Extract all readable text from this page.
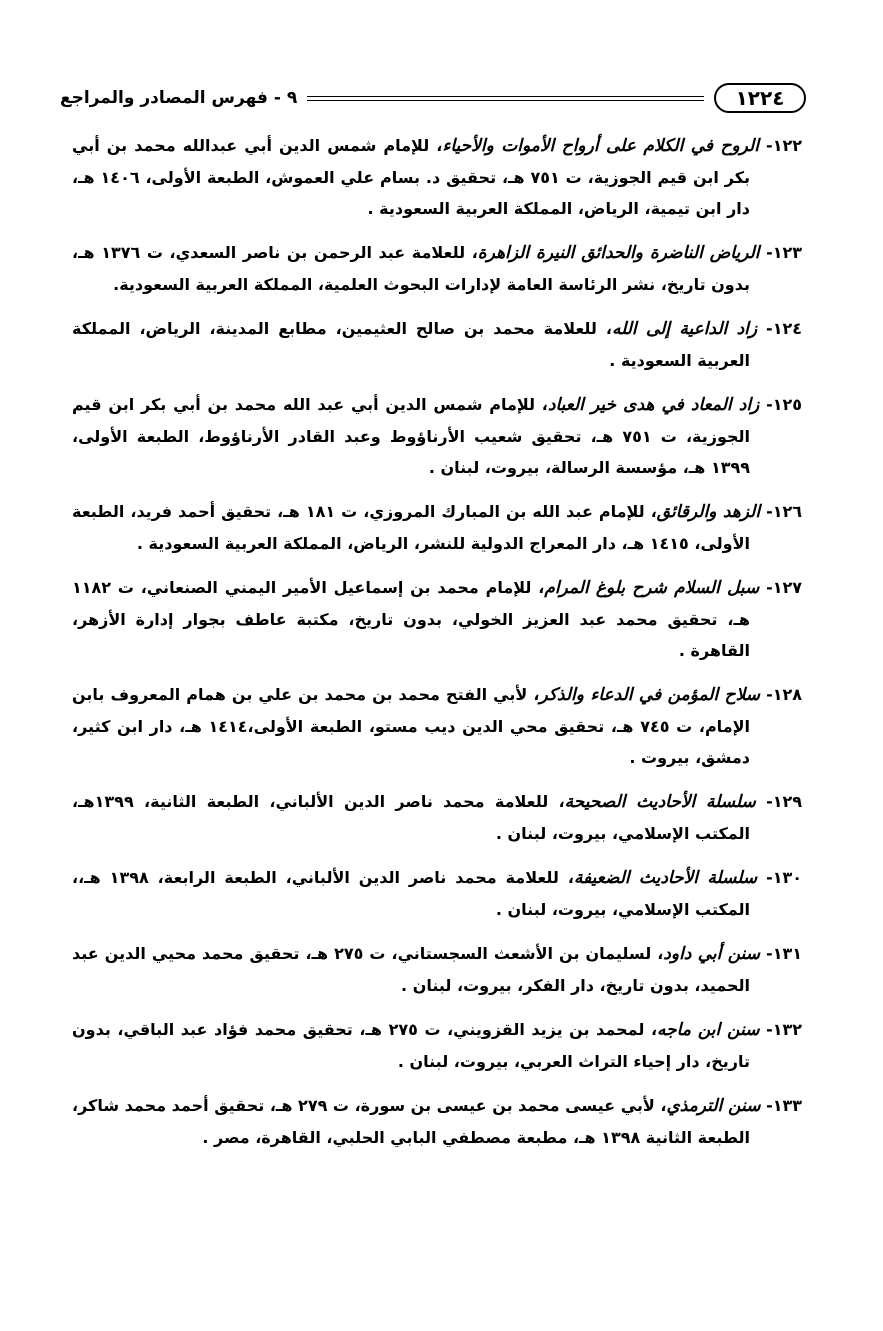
١٢٢٤
٩ - فهرس المصادر والمراجع

١٢٢- الروح في الكلام على أرواح الأموات والأحياء، للإمام شمس الدين أبي عبدالله محمد بن أبي بكر ابن قيم الجوزية، ت ٧٥١ هـ، تحقيق د. بسام علي العموش، الطبعة الأولى، ١٤٠٦ هـ، دار ابن تيمية، الرياض، المملكة العربية السعودية .

١٢٣- الرياض الناضرة والحدائق النيرة الزاهرة، للعلامة عبد الرحمن بن ناصر السعدي، ت ١٣٧٦ هـ، بدون تاريخ، نشر الرئاسة العامة لإدارات البحوث العلمية، المملكة العربية السعودية.

١٢٤- زاد الداعية إلى الله، للعلامة محمد بن صالح العثيمين، مطابع المدينة، الرياض، المملكة العربية السعودية .

١٢٥- زاد المعاد في هدى خير العباد، للإمام شمس الدين أبي عبد الله محمد بن أبي بكر ابن قيم الجوزية، ت ٧٥١ هـ، تحقيق شعيب الأرناؤوط وعبد القادر الأرناؤوط، الطبعة الأولى، ١٣٩٩ هـ، مؤسسة الرسالة، بيروت، لبنان .

١٢٦- الزهد والرقائق، للإمام عبد الله بن المبارك المروزي، ت ١٨١ هـ، تحقيق أحمد فريد، الطبعة الأولى، ١٤١٥ هـ، دار المعراج الدولية للنشر، الرياض، المملكة العربية السعودية .

١٢٧- سبل السلام شرح بلوغ المرام، للإمام محمد بن إسماعيل الأمير اليمني الصنعاني، ت ١١٨٢ هـ، تحقيق محمد عبد العزيز الخولي، بدون تاريخ، مكتبة عاطف بجوار إدارة الأزهر، القاهرة .

١٢٨- سلاح المؤمن في الدعاء والذكر، لأبي الفتح محمد بن محمد بن علي بن همام المعروف بابن الإمام، ت ٧٤٥ هـ، تحقيق محي الدين ديب مستو، الطبعة الأولى،١٤١٤ هـ، دار ابن كثير، دمشق، بيروت .

١٢٩- سلسلة الأحاديث الصحيحة، للعلامة محمد ناصر الدين الألباني، الطبعة الثانية، ١٣٩٩هـ، المكتب الإسلامي، بيروت، لبنان .

١٣٠- سلسلة الأحاديث الضعيفة، للعلامة محمد ناصر الدين الألباني، الطبعة الرابعة، ١٣٩٨ هـ،، المكتب الإسلامي، بيروت، لبنان .

١٣١- سنن أبي داود، لسليمان بن الأشعث السجستاني، ت ٢٧٥ هـ، تحقيق محمد محيي الدين عبد الحميد، بدون تاريخ، دار الفكر، بيروت، لبنان .

١٣٢- سنن ابن ماجه، لمحمد بن يزيد القزويني، ت ٢٧٥ هـ، تحقيق محمد فؤاد عبد الباقي، بدون تاريخ، دار إحياء التراث العربي، بيروت، لبنان .

١٣٣- سنن الترمذي، لأبي عيسى محمد بن عيسى بن سورة، ت ٢٧٩ هـ، تحقيق أحمد محمد شاكر، الطبعة الثانية ١٣٩٨ هـ، مطبعة مصطفي البابي الحلبي، القاهرة، مصر .
